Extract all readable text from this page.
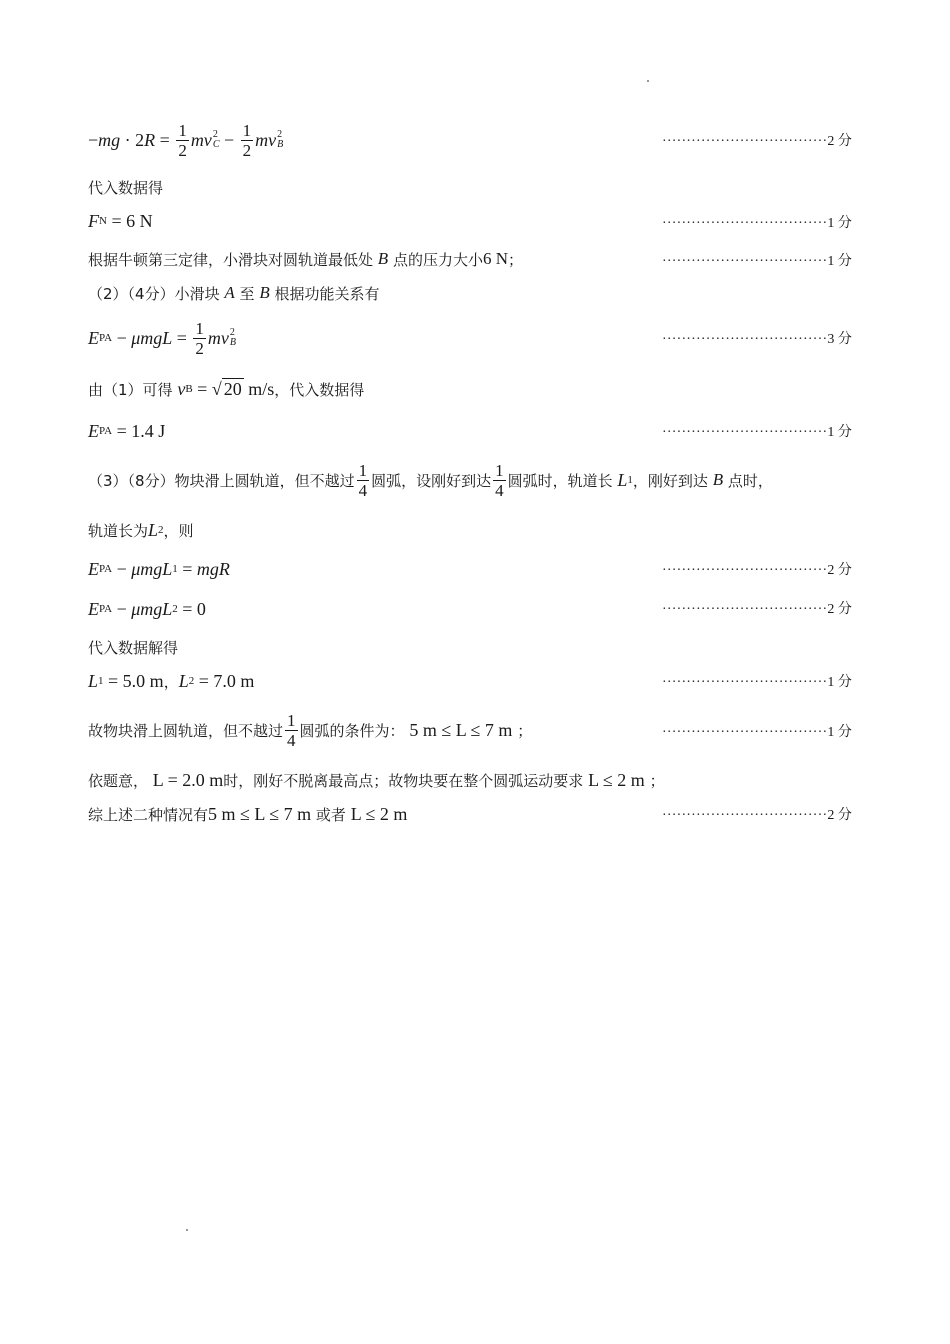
− mg · 2 $R = \frac{1}{2}$ mv 2
$C - \frac{1}{2}$ mv 2
B	··································2 分
代入数据得
F N = 6 N	··································1 分
根据牛顿第三定律，小滑块对圆轨道最低处
B
点的压力大小 6 N ；	··································1 分
（2）（4分）小滑块
A
至
B
根据功能关系有
E PA − $\mu mgL = \frac{1}{2}$ mv 2
B	··································3 分
由（1）可得
v B = √ 20
m/s ，代入数据得
E PA = 1.4 J	··································1 分
（3）（8分）物块滑上圆轨道，但不越过 $\frac{1}{4}$ 圆弧，设刚好到达 $\frac{1}{4}$ 圆弧时，轨道长
L 1 ，刚好到达
B
点时，
轨道长为 L 2 ，则
E PA − μmgL 1 = mgR	··································2 分
E PA − μmgL 2 = 0	··································2 分
代入数据解得
L 1 = 5.0 m ， L 2 = 7.0 m	··································1 分
故物块滑上圆轨道，但不越过 $\frac{1}{4}$ 圆弧的条件为：
5 m ≤ L ≤ 7 m
；	··································1 分
依题意，
L = 2.0 m 时，刚好不脱离最高点；故物块要在整个圆弧运动要求
L ≤ 2 m
；
综上述二种情况有 5 m ≤ L ≤ 7 m
或者
L ≤ 2 m	··································2 分
